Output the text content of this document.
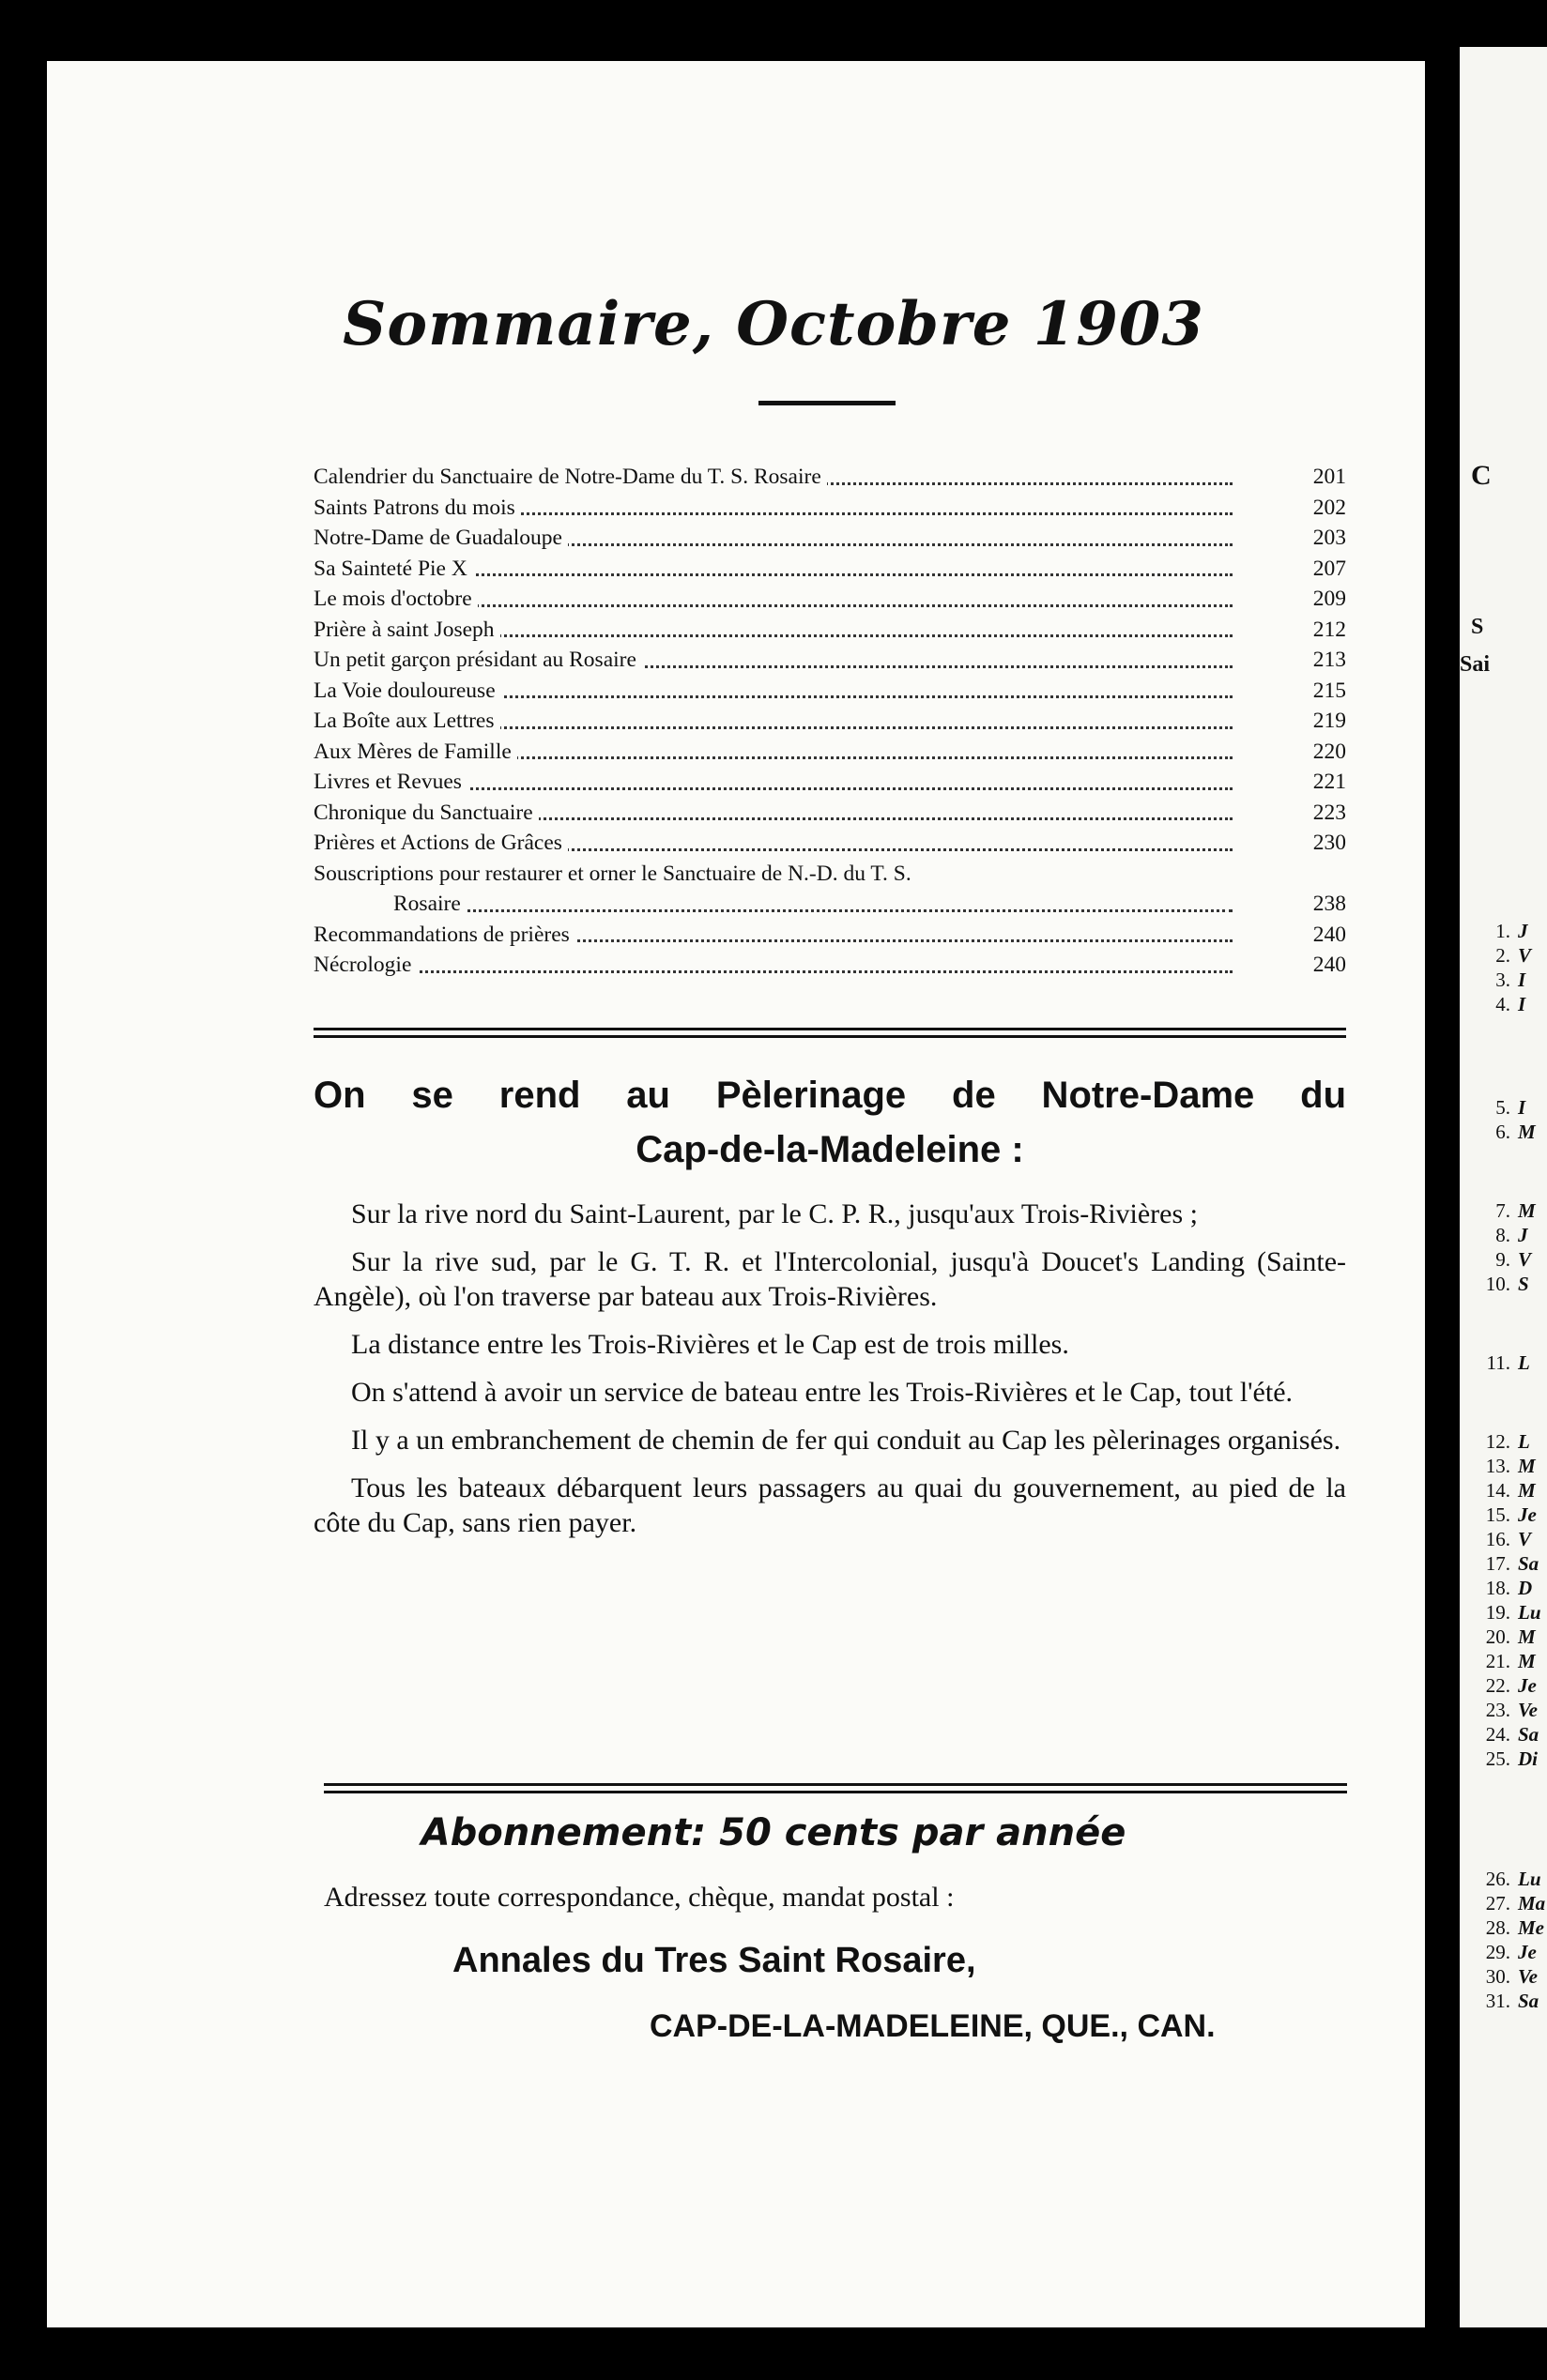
C
S
Sai
1. J
2. V
3. I
4. I
5. I
6. M
7. M
8. J
9. V
10. S
11. L
12. L
13. M
14. M
15. Je
16. V
17. Sa
18. D
19. Lu
20. M
21. M
22. Je
23. Ve
24. Sa
25. Di
26. Lu
27. Ma
28. Me
29. Je
30. Ve
31. Sa
Sommaire, Octobre 1903
Calendrier du Sanctuaire de Notre-Dame du T. S. Rosaire	201
Saints Patrons du mois	202
Notre-Dame de Guadaloupe	203
Sa Sainteté Pie X	207
Le mois d'octobre	209
Prière à saint Joseph	212
Un petit garçon présidant au Rosaire	213
La Voie douloureuse	215
La Boîte aux Lettres	219
Aux Mères de Famille	220
Livres et Revues	221
Chronique du Sanctuaire	223
Prières et Actions de Grâces	230
Souscriptions pour restaurer et orner le Sanctuaire de N.-D. du T. S.
Rosaire	238
Recommandations de prières	240
Nécrologie	240
On se rend au Pèlerinage de Notre-Dame du
Cap-de-la-Madeleine :

Sur la rive nord du Saint-Laurent, par le C. P. R., jusqu'aux Trois-Rivières ;

Sur la rive sud, par le G. T. R. et l'Intercolonial, jusqu'à Doucet's Landing (Sainte-Angèle), où l'on traverse par bateau aux Trois-Rivières.

La distance entre les Trois-Rivières et le Cap est de trois milles.

On s'attend à avoir un service de bateau entre les Trois-Rivières et le Cap, tout l'été.

Il y a un embranchement de chemin de fer qui conduit au Cap les pèlerinages organisés.

Tous les bateaux débarquent leurs passagers au quai du gouvernement, au pied de la côte du Cap, sans rien payer.

Abonnement: 50 cents par année
Adressez toute correspondance, chèque, mandat postal :
Annales du Tres Saint Rosaire,
CAP-DE-LA-MADELEINE, QUE., CAN.
